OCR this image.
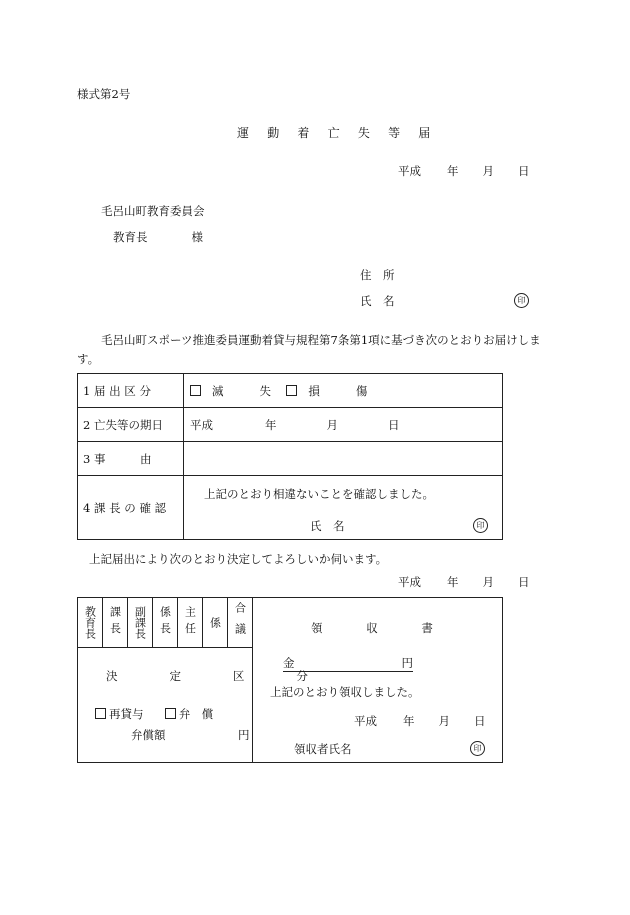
様式第2号
運 動 着 亡 失 等 届
平成 年 月 日
毛呂山町教育委員会
教育長	様
住　所
氏　名	印
毛呂山町スポーツ推進委員運動着貸与規程第7条第1項に基づき次のとおりお届けしま
す。
1 届 出 区 分	滅 失 損 傷
2 亡失等の期日	平成 年 月 日
3 事　　　由	
4 課 長 の 確 認	上記のとおり相違ないことを確認しました。
氏　名 印
上記届出により次のとおり決定してよろしいか伺います。
平成 年 月 日
教育長	課長	副課長	係長	主任	係	合議	領　収　書
金	円
上記のとおり領収しました。
平成 年 月 日
領収者氏名	印

決 定 区 分
再貸与	弁　償
弁償額	円
